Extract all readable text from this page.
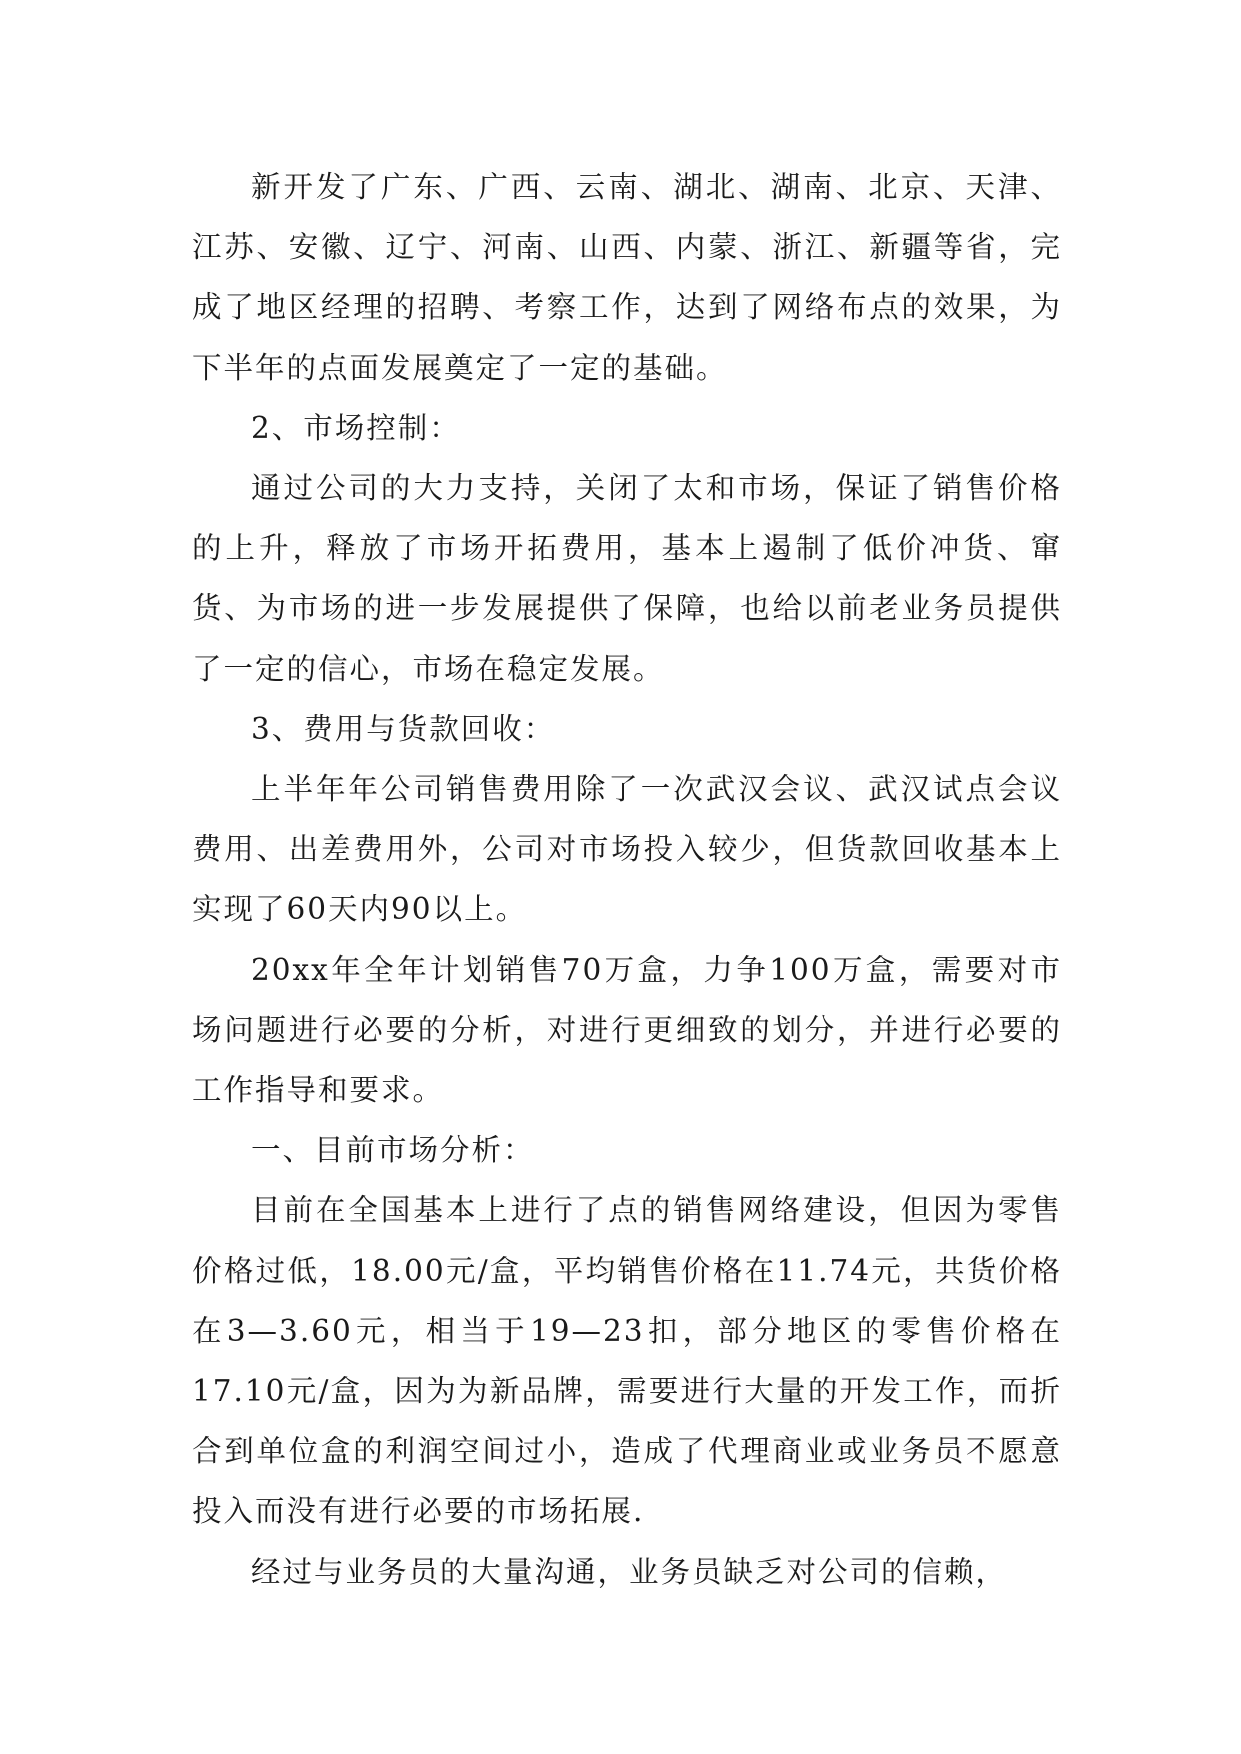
新开发了广东、广西、云南、湖北、湖南、北京、天津、江苏、安徽、辽宁、河南、山西、内蒙、浙江、新疆等省，完成了地区经理的招聘、考察工作，达到了网络布点的效果，为下半年的点面发展奠定了一定的基础。

2、市场控制：

通过公司的大力支持，关闭了太和市场，保证了销售价格的上升，释放了市场开拓费用，基本上遏制了低价冲货、窜货、为市场的进一步发展提供了保障，也给以前老业务员提供了一定的信心，市场在稳定发展。

3、费用与货款回收：

上半年年公司销售费用除了一次武汉会议、武汉试点会议费用、出差费用外，公司对市场投入较少，但货款回收基本上实现了60天内90以上。

20xx年全年计划销售70万盒，力争100万盒，需要对市场问题进行必要的分析，对进行更细致的划分，并进行必要的工作指导和要求。

一、目前市场分析：

目前在全国基本上进行了点的销售网络建设，但因为零售价格过低，18.00元/盒，平均销售价格在11.74元，共货价格在3—3.60元，相当于19—23扣，部分地区的零售价格在17.10元/盒，因为为新品牌，需要进行大量的开发工作，而折合到单位盒的利润空间过小，造成了代理商业或业务员不愿意投入而没有进行必要的市场拓展.

经过与业务员的大量沟通，业务员缺乏对公司的信赖，
